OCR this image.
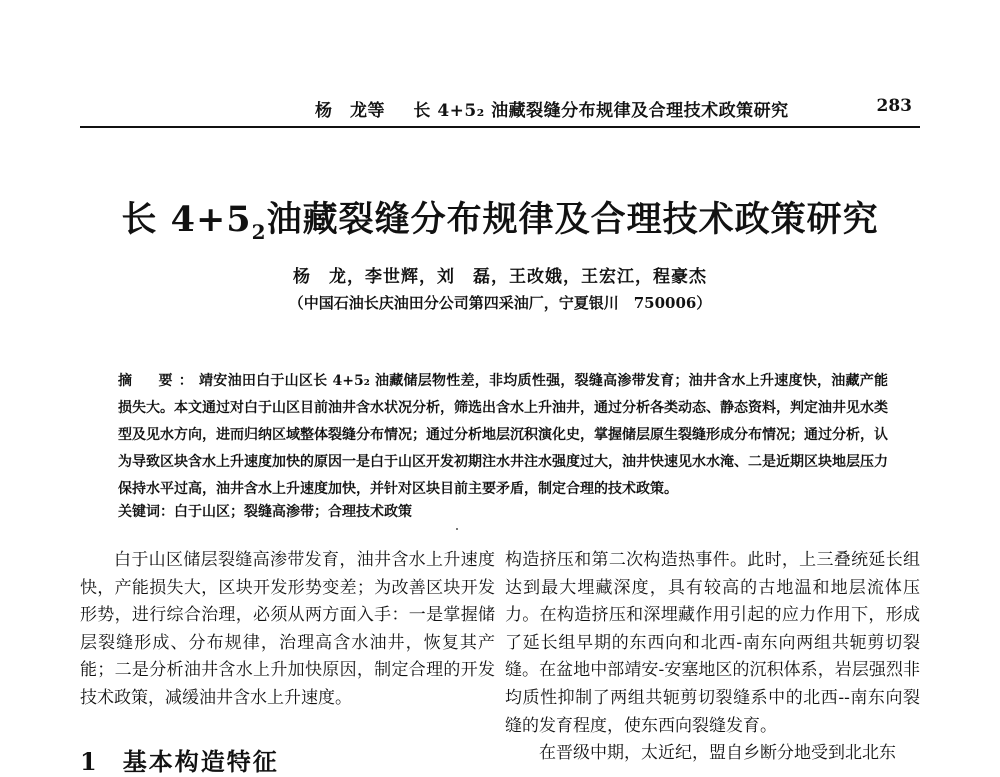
杨　龙等 长 4+5₂ 油藏裂缝分布规律及合理技术政策研究	283
长 $4+5_2$油藏裂缝分布规律及合理技术政策研究
杨　龙，李世辉，刘　磊，王改娥，王宏江，程豪杰
（中国石油长庆油田分公司第四采油厂，宁夏银川　750006）
摘　要：靖安油田白于山区长 4+5₂ 油藏储层物性差，非均质性强，裂缝高渗带发育；油井含水上升速度快，油藏产能损失大。本文通过对白于山区目前油井含水状况分析，筛选出含水上升油井，通过分析各类动态、静态资料，判定油井见水类型及见水方向，进而归纳区域整体裂缝分布情况；通过分析地层沉积演化史，掌握储层原生裂缝形成分布情况；通过分析，认为导致区块含水上升速度加快的原因一是白于山区开发初期注水井注水强度过大，油井快速见水水淹、二是近期区块地层压力保持水平过高，油井含水上升速度加快，并针对区块目前主要矛盾，制定合理的技术政策。
关键词：白于山区；裂缝高渗带；合理技术政策

白于山区储层裂缝高渗带发育，油井含水上升速度快，产能损失大，区块开发形势变差；为改善区块开发形势，进行综合治理，必须从两方面入手：一是掌握储层裂缝形成、分布规律，治理高含水油井，恢复其产能；二是分析油井含水上升加快原因，制定合理的开发技术政策，减缓油井含水上升速度。

构造挤压和第二次构造热事件。此时，上三叠统延长组达到最大埋藏深度，具有较高的古地温和地层流体压力。在构造挤压和深埋藏作用引起的应力作用下，形成了延长组早期的东西向和北西-南东向两组共轭剪切裂缝。在盆地中部靖安-安塞地区的沉积体系，岩层强烈非均质性抑制了两组共轭剪切裂缝系中的北西--南东向裂缝的发育程度，使东西向裂缝发育。

在晋级中期，太近纪，盟自乡断分地受到北北东

1 基本构造特征
